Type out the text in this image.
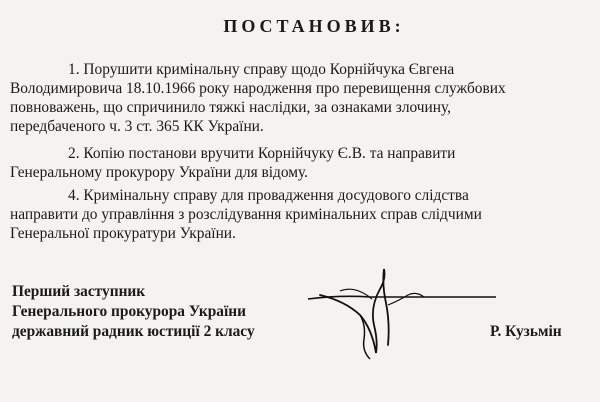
ПОСТАНОВИВ:
1. Порушити кримінальну справу щодо Корнійчука Євгена
Володимировича 18.10.1966 року народження про перевищення службових
повноважень, що спричинило тяжкі наслідки, за ознаками злочину,
передбаченого ч. 3 ст. 365 КК України.
2. Копію постанови вручити Корнійчуку Є.В. та направити
Генеральному прокурору України для відому.
4. Кримінальну справу для провадження досудового слідства
направити до управління з розслідування кримінальних справ слідчими
Генеральної прокуратури України.
Перший заступник
Генерального прокурора України
державний радник юстиції 2 класу	Р. Кузьмін
